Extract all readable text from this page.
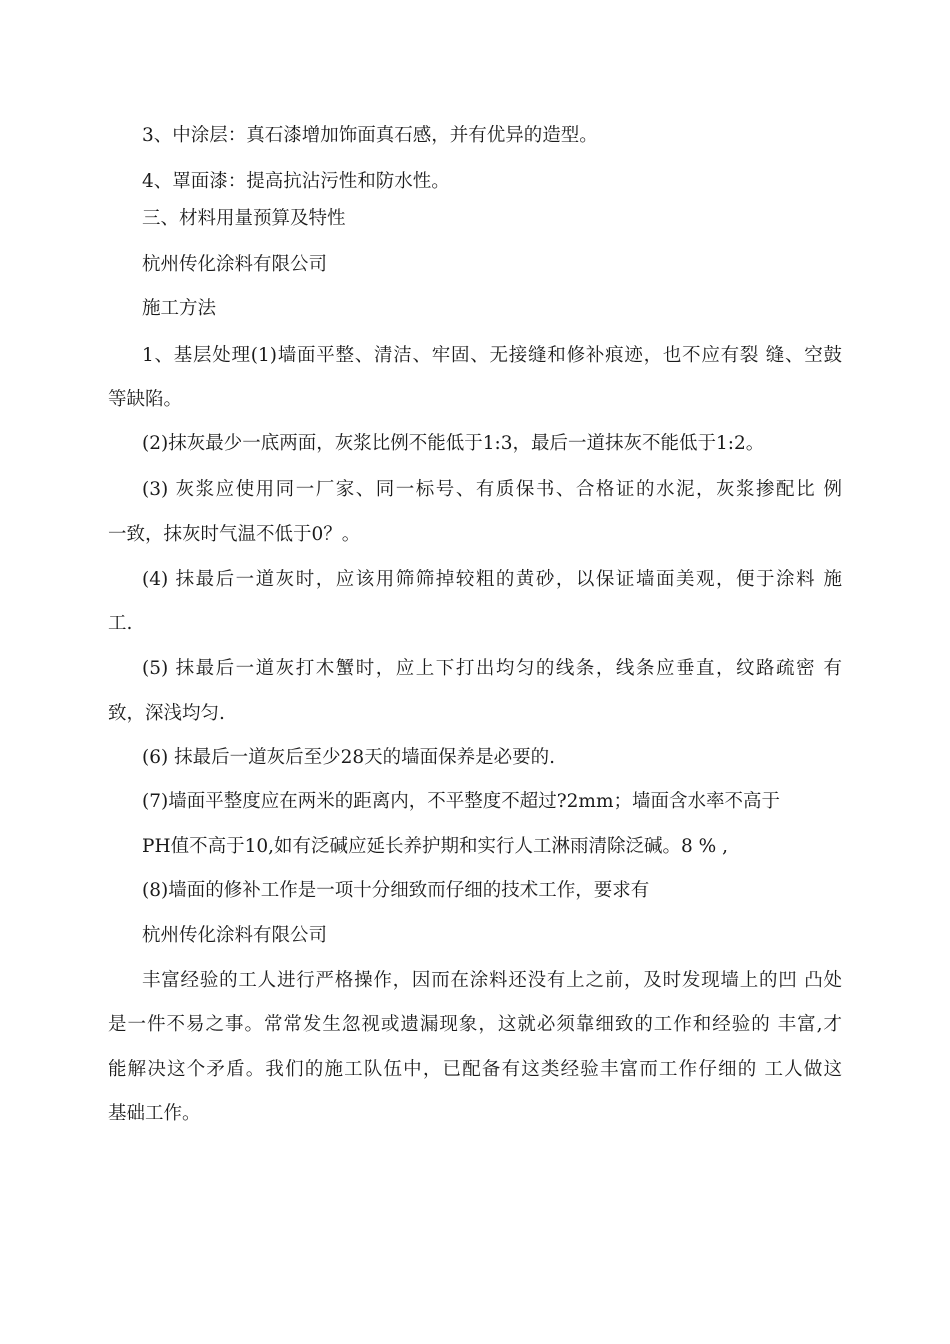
3、中涂层：真石漆增加饰面真石感，并有优异的造型。
4、罩面漆：提高抗沾污性和防水性。
三、材料用量预算及特性
杭州传化涂料有限公司
施工方法
1、基层处理(1)墙面平整、清洁、牢固、无接缝和修补痕迹，也不应有裂 缝、空鼓
等缺陷。
(2)抹灰最少一底两面，灰浆比例不能低于1:3，最后一道抹灰不能低于1:2。
(3) 灰浆应使用同一厂家、同一标号、有质保书、合格证的水泥，灰浆掺配比 例
一致，抹灰时气温不低于0？。
(4) 抹最后一道灰时，应该用筛筛掉较粗的黄砂，以保证墙面美观，便于涂料 施
工.
(5) 抹最后一道灰打木蟹时，应上下打出均匀的线条，线条应垂直，纹路疏密 有
致，深浅均匀.
(6) 抹最后一道灰后至少28天的墙面保养是必要的.
(7)墙面平整度应在两米的距离内，不平整度不超过?2mm；墙面含水率不高于
PH值不高于10,如有泛碱应延长养护期和实行人工淋雨清除泛碱。8 % ,
(8)墙面的修补工作是一项十分细致而仔细的技术工作，要求有
杭州传化涂料有限公司
丰富经验的工人进行严格操作，因而在涂料还没有上之前，及时发现墙上的凹 凸处
是一件不易之事。常常发生忽视或遗漏现象，这就必须靠细致的工作和经验的 丰富,才
能解决这个矛盾。我们的施工队伍中，已配备有这类经验丰富而工作仔细的 工人做这
基础工作。
